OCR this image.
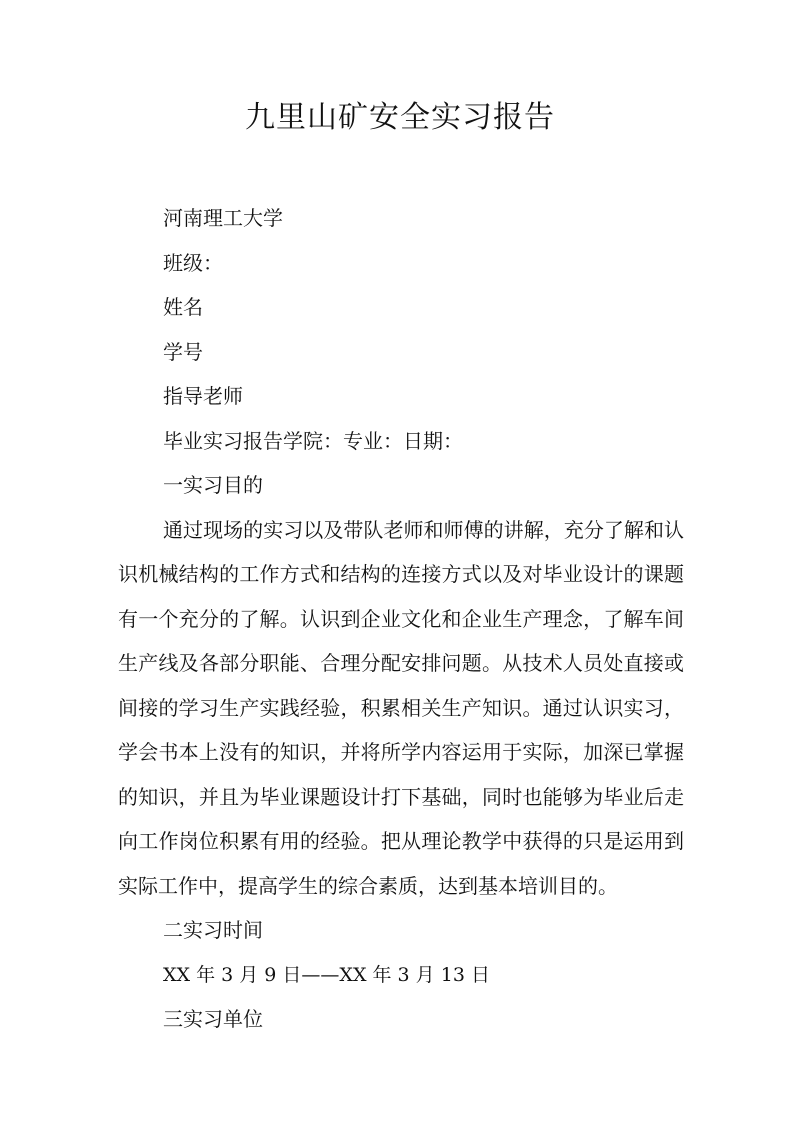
九里山矿安全实习报告

河南理工大学

班级：

姓名

学号

指导老师

毕业实习报告学院：专业：日期：

一实习目的

通过现场的实习以及带队老师和师傅的讲解，充分了解和认识机械结构的工作方式和结构的连接方式以及对毕业设计的课题有一个充分的了解。认识到企业文化和企业生产理念，了解车间生产线及各部分职能、合理分配安排问题。从技术人员处直接或间接的学习生产实践经验，积累相关生产知识。通过认识实习，学会书本上没有的知识，并将所学内容运用于实际，加深已掌握的知识，并且为毕业课题设计打下基础，同时也能够为毕业后走向工作岗位积累有用的经验。把从理论教学中获得的只是运用到实际工作中，提高学生的综合素质，达到基本培训目的。

二实习时间

XX 年 3 月 9 日——XX 年 3 月 13 日

三实习单位
